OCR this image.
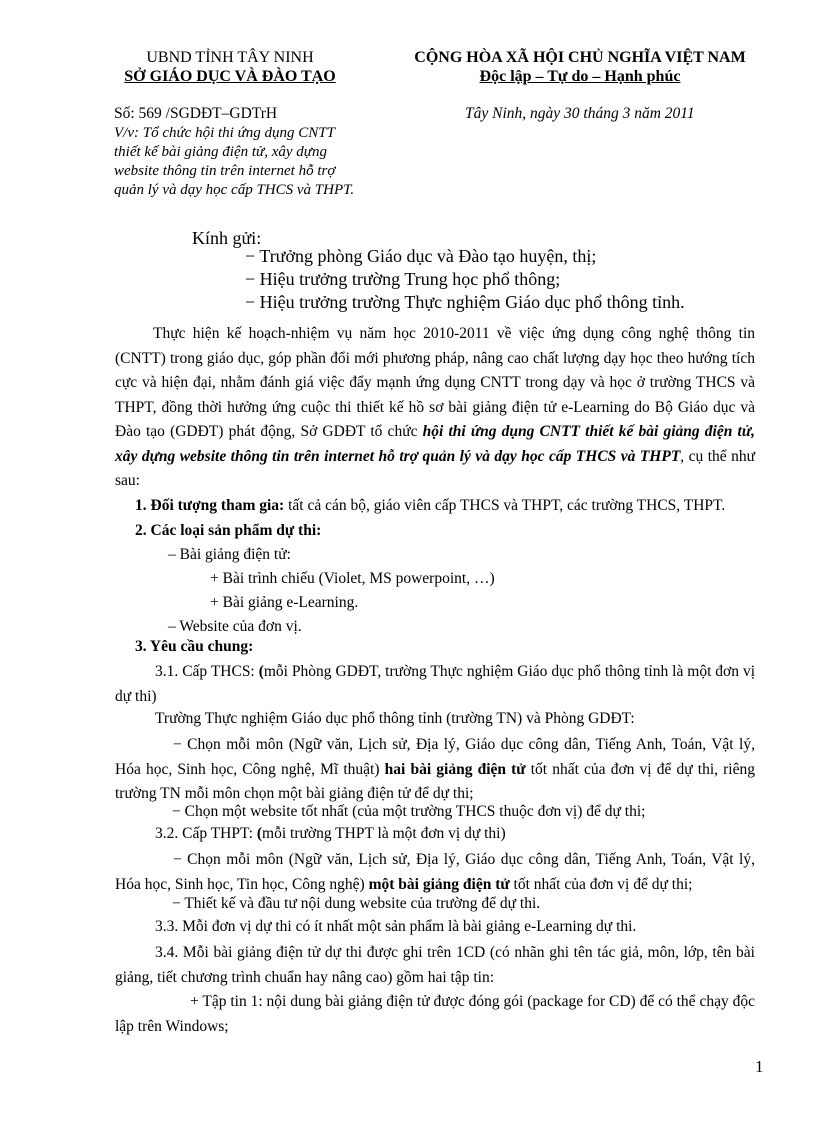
UBND TỈNH TÂY NINH
SỞ GIÁO DỤC VÀ ĐÀO TẠO
CỘNG HÒA XÃ HỘI CHỦ NGHĨA VIỆT NAM
Độc lập – Tự do – Hạnh phúc
Số: 569 /SGDĐT–GDTrH	Tây Ninh, ngày 30 tháng 3 năm 2011
V/v: Tổ chức hội thi ứng dụng CNTT
thiết kế bài giảng điện tử, xây dựng
website thông tin trên internet hỗ trợ
quản lý và dạy học cấp THCS và THPT.
Kính gửi:
− Trưởng phòng Giáo dục và Đào tạo huyện, thị;
− Hiệu trưởng trường Trung học phổ thông;
− Hiệu trưởng trường Thực nghiệm Giáo dục phổ thông tỉnh.
Thực hiện kế hoạch-nhiệm vụ năm học 2010-2011 về việc ứng dụng công nghệ thông tin (CNTT) trong giáo dục, góp phần đổi mới phương pháp, nâng cao chất lượng dạy học theo hướng tích cực và hiện đại, nhằm đánh giá việc đẩy mạnh ứng dụng CNTT trong dạy và học ở trường THCS và THPT, đồng thời hưởng ứng cuộc thi thiết kế hồ sơ bài giảng điện tử e-Learning do Bộ Giáo dục và Đào tạo (GDĐT) phát động, Sở GDĐT tổ chức hội thi ứng dụng CNTT thiết kế bài giảng điện tử, xây dựng website thông tin trên internet hỗ trợ quản lý và dạy học cấp THCS và THPT, cụ thể như sau:
1. Đối tượng tham gia: tất cả cán bộ, giáo viên cấp THCS và THPT, các trường THCS, THPT.
2. Các loại sản phẩm dự thi:
– Bài giảng điện tử:
+ Bài trình chiếu (Violet, MS powerpoint, …)
+ Bài giảng e-Learning.
– Website của đơn vị.
3. Yêu cầu chung:
3.1. Cấp THCS: (mỗi Phòng GDĐT, trường Thực nghiệm Giáo dục phổ thông tỉnh là một đơn vị dự thi)
Trường Thực nghiệm Giáo dục phổ thông tỉnh (trường TN) và Phòng GDĐT:
− Chọn mỗi môn (Ngữ văn, Lịch sử, Địa lý, Giáo dục công dân, Tiếng Anh, Toán, Vật lý, Hóa học, Sinh học, Công nghệ, Mĩ thuật) hai bài giảng điện tử tốt nhất của đơn vị để dự thi, riêng trường TN mỗi môn chọn một bài giảng điện tử để dự thi;
− Chọn một website tốt nhất (của một trường THCS thuộc đơn vị) để dự thi;
3.2. Cấp THPT: (mỗi trường THPT là một đơn vị dự thi)
− Chọn mỗi môn (Ngữ văn, Lịch sử, Địa lý, Giáo dục công dân, Tiếng Anh, Toán, Vật lý, Hóa học, Sinh học, Tin học, Công nghệ) một bài giảng điện tử tốt nhất của đơn vị để dự thi;
− Thiết kế và đầu tư nội dung website của trường để dự thi.
3.3. Mỗi đơn vị dự thi có ít nhất một sản phẩm là bài giảng e-Learning dự thi.
3.4. Mỗi bài giảng điện tử dự thi được ghi trên 1CD (có nhãn ghi tên tác giả, môn, lớp, tên bài giảng, tiết chương trình chuẩn hay nâng cao) gồm hai tập tin:
+ Tập tin 1: nội dung bài giảng điện tử được đóng gói (package for CD) để có thể chạy độc lập trên Windows;
1
